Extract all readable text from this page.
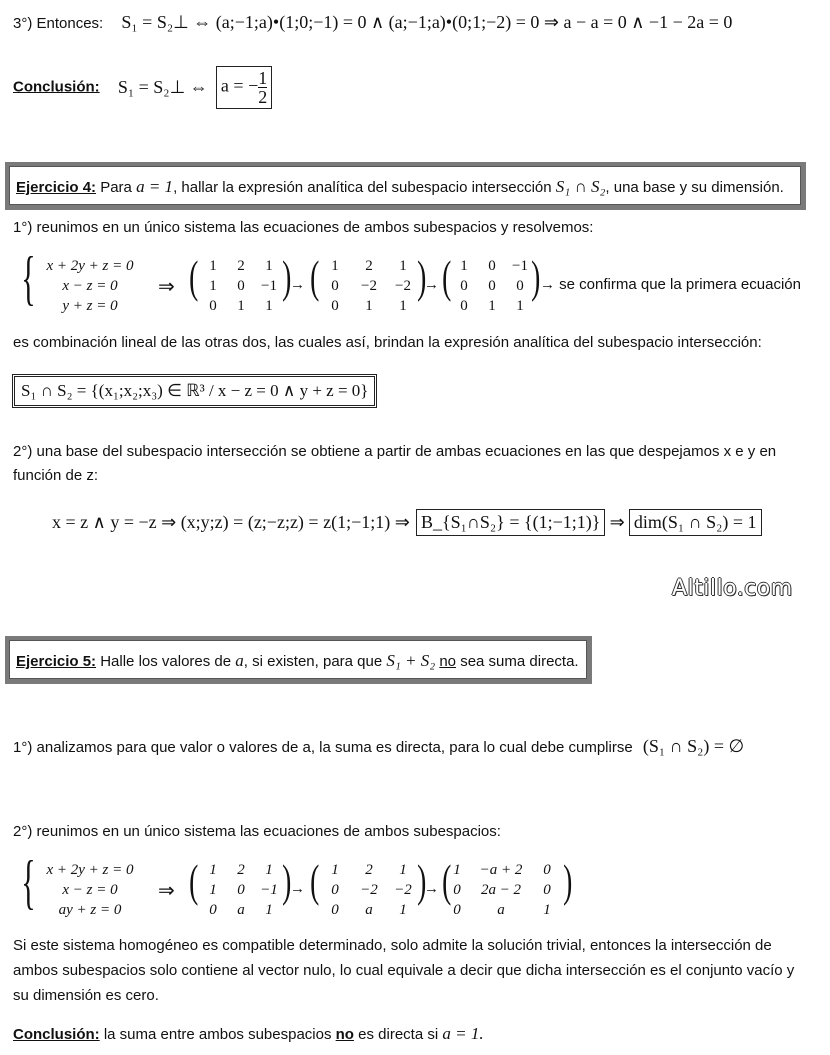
3°) Entonces: S₁ = S₂⊥ ⇔ (a;−1;a)•(1;0;−1) = 0 ∧ (a;−1;a)•(0;1;−2) = 0 ⇒ a − a = 0 ∧ −1 − 2a = 0
Conclusión: S₁ = S₂⊥ ⇔ a = − $\frac{1}{2}$
Ejercicio 4: Para a = 1, hallar la expresión analítica del subespacio intersección S₁ ∩ S₂, una base y su dimensión.
1°) reunimos en un único sistema las ecuaciones de ambos subespacios y resolvemos:
{ x + 2y + z = 0
x − z = 0
y + z = 0
⇒ ( )
1	2	1
1	0	−1
0	1	1
→ ( )
1	2	1
0	−2	−2
0	1	1
→ ( )
1	0	−1
0	0	0
0	1	1
→ se confirma que la primera ecuación
es combinación lineal de las otras dos, las cuales así, brindan la expresión analítica del subespacio intersección:
S₁ ∩ S₂ = {(x₁;x₂;x₃) ∈ ℝ³ / x − z = 0 ∧ y + z = 0}
2°) una base del subespacio intersección se obtiene a partir de ambas ecuaciones en las que despejamos x e y en
función de z:
x = z ∧ y = −z ⇒ (x;y;z) = (z;−z;z) = z(1;−1;1) ⇒ B_{S₁∩S₂} = {(1;−1;1)} ⇒ dim(S₁ ∩ S₂) = 1
Altillo.com
Ejercicio 5: Halle los valores de a, si existen, para que S₁ + S₂ no sea suma directa.
1°) analizamos para que valor o valores de a, la suma es directa, para lo cual debe cumplirse (S₁ ∩ S₂) = ∅
2°) reunimos en un único sistema las ecuaciones de ambos subespacios:
{ x + 2y + z = 0
x − z = 0
ay + z = 0
⇒ ( )
1	2	1
1	0	−1
0	a	1
→ ( )
1	2	1
0	−2	−2
0	a	1
→ ( )
1	−a + 2	0
0	2a − 2	0
0	a	1
Si este sistema homogéneo es compatible determinado, solo admite la solución trivial, entonces la intersección de
ambos subespacios solo contiene al vector nulo, lo cual equivale a decir que dicha intersección es el conjunto vacío y
su dimensión es cero.
Conclusión: la suma entre ambos subespacios no es directa si a = 1.
